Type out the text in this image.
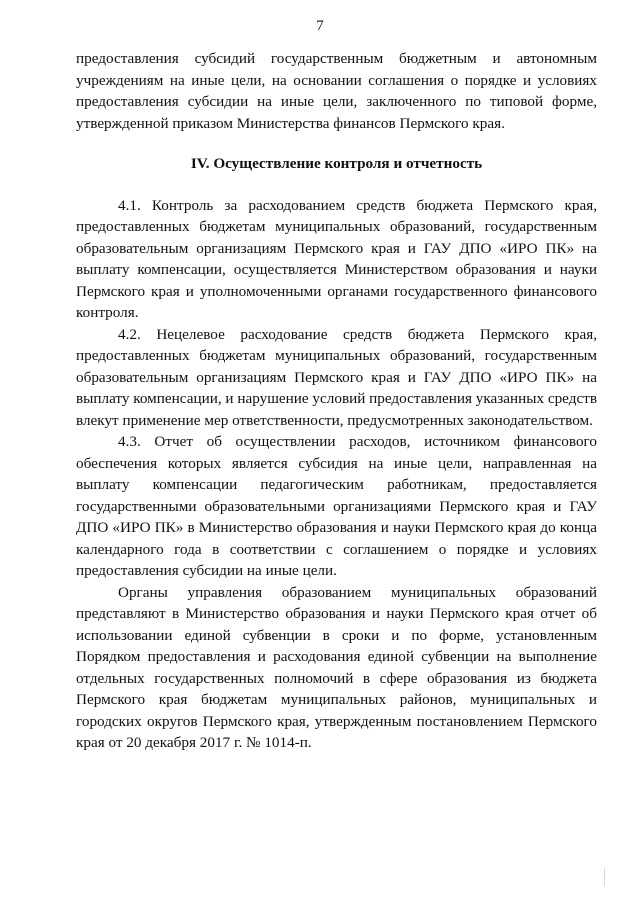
7

предоставления субсидий государственным бюджетным и автономным учреждениям на иные цели, на основании соглашения о порядке и условиях предоставления субсидии на иные цели, заключенного по типовой форме, утвержденной приказом Министерства финансов Пермского края.

IV. Осуществление контроля и отчетность

4.1. Контроль за расходованием средств бюджета Пермского края, предоставленных бюджетам муниципальных образований, государственным образовательным организациям Пермского края и ГАУ ДПО «ИРО ПК» на выплату компенсации, осуществляется Министерством образования и науки Пермского края и уполномоченными органами государственного финансового контроля.

4.2. Нецелевое расходование средств бюджета Пермского края, предоставленных бюджетам муниципальных образований, государственным образовательным организациям Пермского края и ГАУ ДПО «ИРО ПК» на выплату компенсации, и нарушение условий предоставления указанных средств влекут применение мер ответственности, предусмотренных законодательством.

4.3. Отчет об осуществлении расходов, источником финансового обеспечения которых является субсидия на иные цели, направленная на выплату компенсации педагогическим работникам, предоставляется государственными образовательными организациями Пермского края и ГАУ ДПО «ИРО ПК» в Министерство образования и науки Пермского края до конца календарного года в соответствии с соглашением о порядке и условиях предоставления субсидии на иные цели.

Органы управления образованием муниципальных образований представляют в Министерство образования и науки Пермского края отчет об использовании единой субвенции в сроки и по форме, установленным Порядком предоставления и расходования единой субвенции на выполнение отдельных государственных полномочий в сфере образования из бюджета Пермского края бюджетам муниципальных районов, муниципальных и городских округов Пермского края, утвержденным постановлением Пермского края от 20 декабря 2017 г. № 1014-п.
